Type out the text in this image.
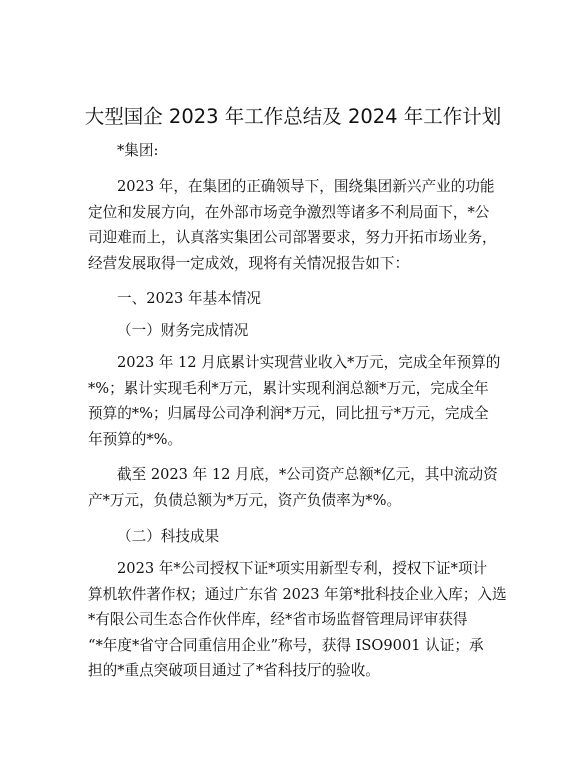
大型国企 2023 年工作总结及 2024 年工作计划
*集团:
2023 年，在集团的正确领导下，围绕集团新兴产业的功能
定位和发展方向，在外部市场竞争激烈等诸多不利局面下，*公
司迎难而上，认真落实集团公司部署要求，努力开拓市场业务，
经营发展取得一定成效，现将有关情况报告如下：
一、2023 年基本情况
（一）财务完成情况
2023 年 12 月底累计实现营业收入*万元，完成全年预算的
*%；累计实现毛利*万元，累计实现利润总额*万元，完成全年
预算的*%；归属母公司净利润*万元，同比扭亏*万元，完成全
年预算的*%。
截至 2023 年 12 月底，*公司资产总额*亿元，其中流动资
产*万元，负债总额为*万元，资产负债率为*%。
（二）科技成果
2023 年*公司授权下证*项实用新型专利，授权下证*项计
算机软件著作权；通过广东省 2023 年第*批科技企业入库；入选
*有限公司生态合作伙伴库，经*省市场监督管理局评审获得
“*年度*省守合同重信用企业”称号，获得 ISO9001 认证；承
担的*重点突破项目通过了*省科技厅的验收。
